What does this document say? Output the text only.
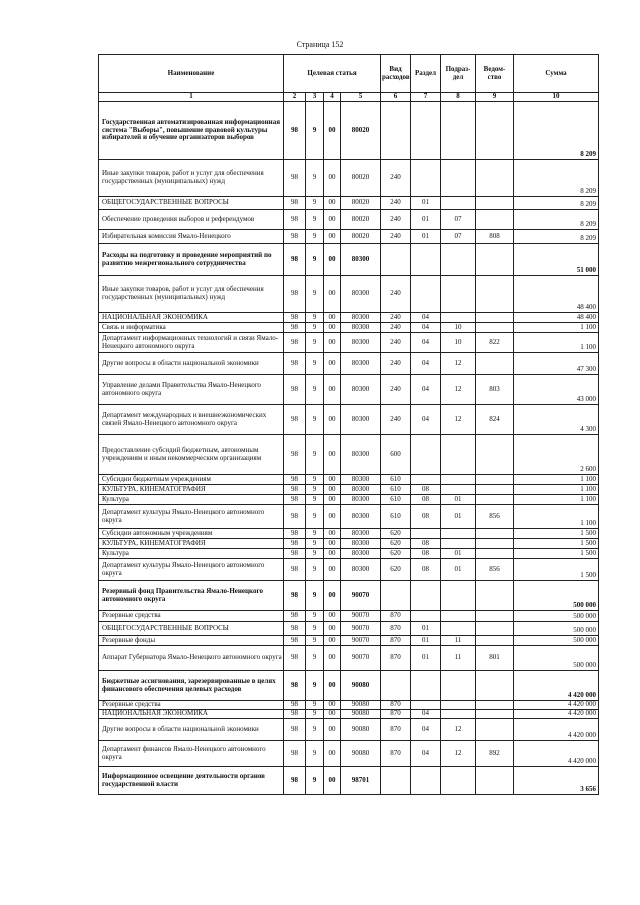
Страница 152
Наименование	Целевая статья				Вид расходов	Раздел	Подраз-дел	Ведом-ство	Сумма
1	2	3	4	5	6	7	8	9	10
Государственная автоматизированная информационная система "Выборы", повышение правовой культуры избирателей и обучение организаторов выборов	98	9	00	80020					8 209
Иные закупки товаров, работ и услуг для обеспечения государственных (муниципальных) нужд	98	9	00	80020	240				8 209
ОБЩЕГОСУДАРСТВЕННЫЕ ВОПРОСЫ	98	9	00	80020	240	01			8 209
Обеспечение проведения выборов и референдумов	98	9	00	80020	240	01	07		8 209
Избирательная комиссия Ямало-Ненецкого	98	9	00	80020	240	01	07	808	8 209
Расходы на подготовку и проведение мероприятий по развитию межрегионального сотрудничества	98	9	00	80300					51 000
Иные закупки товаров, работ и услуг для обеспечения государственных (муниципальных) нужд	98	9	00	80300	240				48 400
НАЦИОНАЛЬНАЯ ЭКОНОМИКА	98	9	00	80300	240	04			48 400
Связь и информатика	98	9	00	80300	240	04	10		1 100
Департамент информационных технологий и связи Ямало-Ненецкого автономного округа	98	9	00	80300	240	04	10	822	1 100
Другие вопросы в области национальной экономики	98	9	00	80300	240	04	12		47 300
Управление делами Правительства Ямало-Ненецкого автономного округа	98	9	00	80300	240	04	12	803	43 000
Департамент международных и внешнеэкономических связей Ямало-Ненецкого автономного округа	98	9	00	80300	240	04	12	824	4 300
Предоставление субсидий бюджетным, автономным учреждениям и иным некоммерческим организациям	98	9	00	80300	600				2 600
Субсидии бюджетным учреждениям	98	9	00	80300	610				1 100
КУЛЬТУРА, КИНЕМАТОГРАФИЯ	98	9	00	80300	610	08			1 100
Культура	98	9	00	80300	610	08	01		1 100
Департамент культуры Ямало-Ненецкого автономного округа	98	9	00	80300	610	08	01	856	1 100
Субсидии автономным учреждениям	98	9	00	80300	620				1 500
КУЛЬТУРА, КИНЕМАТОГРАФИЯ	98	9	00	80300	620	08			1 500
Культура	98	9	00	80300	620	08	01		1 500
Департамент культуры Ямало-Ненецкого автономного округа	98	9	00	80300	620	08	01	856	1 500
Резервный фонд Правительства Ямало-Ненецкого автономного округа	98	9	00	90070					500 000
Резервные средства	98	9	00	90070	870				500 000
ОБЩЕГОСУДАРСТВЕННЫЕ ВОПРОСЫ	98	9	00	90070	870	01			500 000
Резервные фонды	98	9	00	90070	870	01	11		500 000
Аппарат Губернатора Ямало-Ненецкого автономного округа	98	9	00	90070	870	01	11	801	500 000
Бюджетные ассигнования, зарезервированные в целях финансового обеспечения целевых расходов	98	9	00	90080					4 420 000
Резервные средства	98	9	00	90080	870				4 420 000
НАЦИОНАЛЬНАЯ ЭКОНОМИКА	98	9	00	90080	870	04			4 420 000
Другие вопросы в области национальной экономики	98	9	00	90080	870	04	12		4 420 000
Департамент финансов Ямало-Ненецкого автономного округа	98	9	00	90080	870	04	12	892	4 420 000
Информационное освещение деятельности органов государственной власти	98	9	00	98701					3 656
